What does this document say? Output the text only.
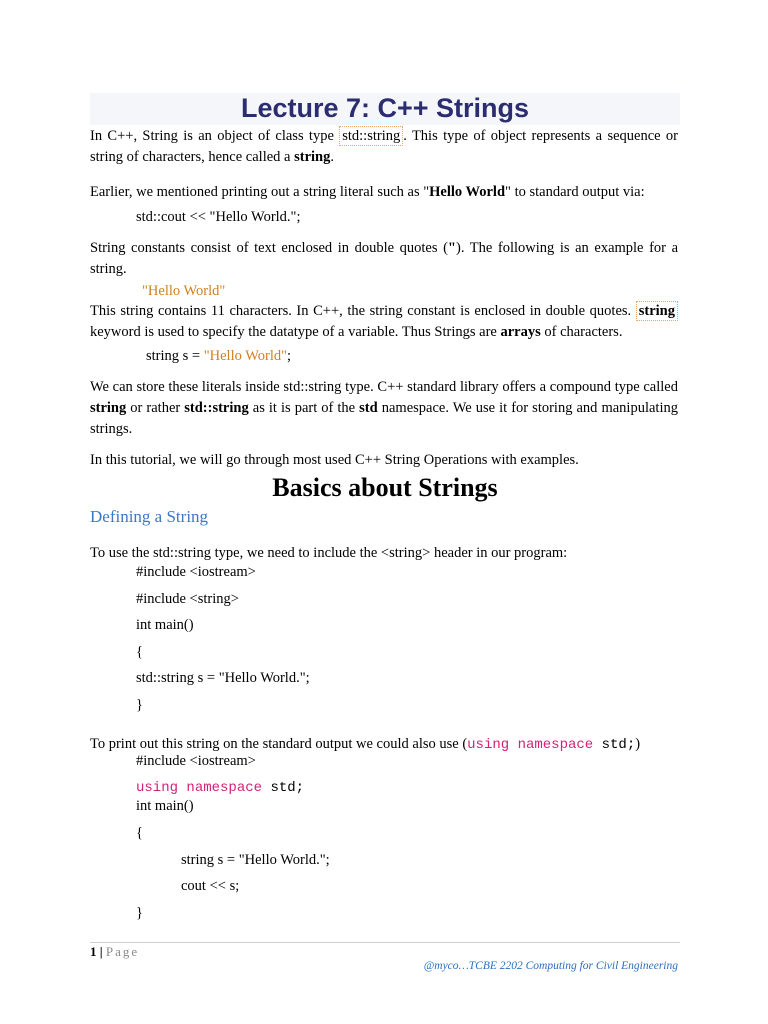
Lecture 7: C++ Strings
In C++, String is an object of class type std::string . This type of object represents a sequence or string of characters, hence called a string.
Earlier, we mentioned printing out a string literal such as "Hello World" to standard output via:
std::cout << "Hello World.";
String constants consist of text enclosed in double quotes ("). The following is an example for a string.
"Hello World"
This string contains 11 characters. In C++, the string constant is enclosed in double quotes. string keyword is used to specify the datatype of a variable. Thus Strings are arrays of characters.
string s = "Hello World";
We can store these literals inside std::string type. C++ standard library offers a compound type called string or rather std::string as it is part of the std namespace. We use it for storing and manipulating strings.
In this tutorial, we will go through most used C++ String Operations with examples.
Basics about Strings
Defining a String
To use the std::string type, we need to include the <string> header in our program:
#include <iostream>
#include <string>
int main()
{
std::string s = "Hello World.";
}
To print out this string on the standard output we could also use (using namespace std;)
#include <iostream>
using namespace std;
int main()
{
string s = "Hello World.";
cout << s;
}
1 | Page
@myco…TCBE 2202 Computing for Civil Engineering
